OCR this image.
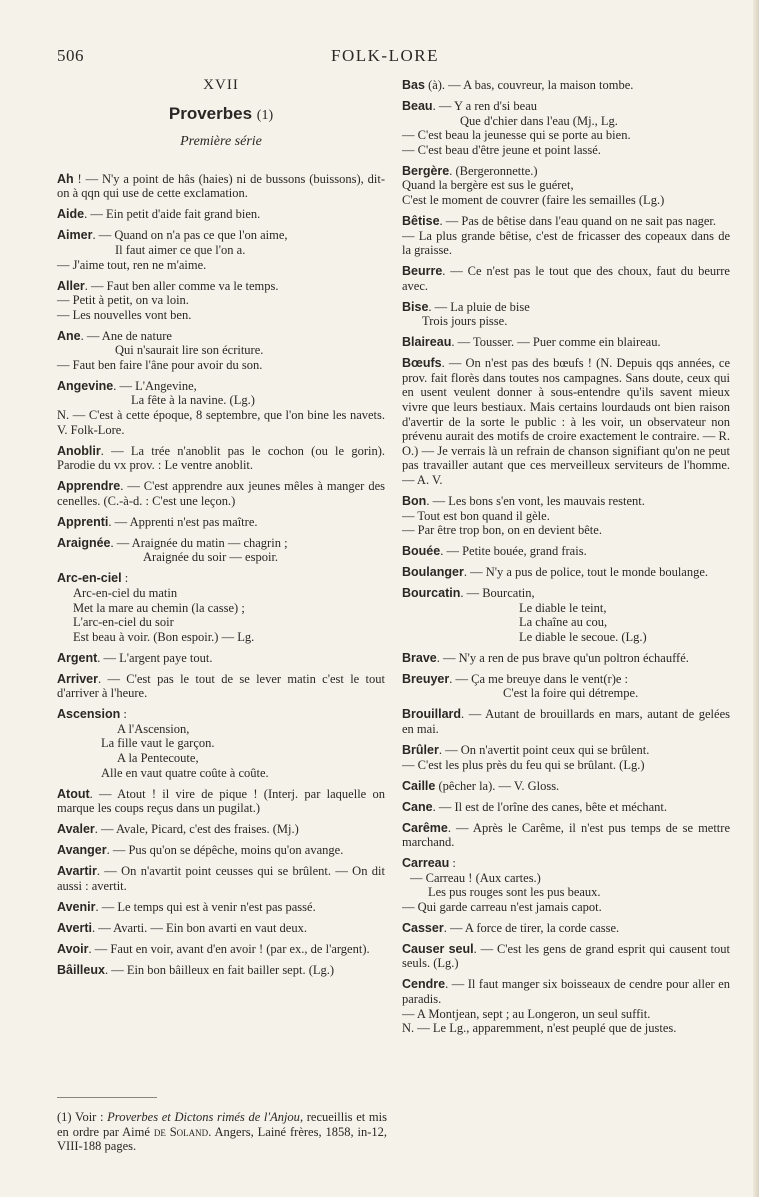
506	FOLK-LORE
XVII
Proverbes (1)
Première série

Ah ! — N'y a point de hâs (haies) ni de bussons (buissons), dit-on à qqn qui use de cette exclamation.

Aide. — Ein petit d'aide fait grand bien.

Aimer. — Quand on n'a pas ce que l'on aime,

Il faut aimer ce que l'on a.

— J'aime tout, ren ne m'aime.

Aller. — Faut ben aller comme va le temps.

— Petit à petit, on va loin.

— Les nouvelles vont ben.

Ane. — Ane de nature

Qui n'saurait lire son écriture.

— Faut ben faire l'âne pour avoir du son.

Angevine. — L'Angevine,

La fête à la navine. (Lg.)

N. — C'est à cette époque, 8 septembre, que l'on bine les navets. V. Folk-Lore.

Anoblir. — La trée n'anoblit pas le cochon (ou le gorin). Parodie du vx prov. : Le ventre anoblit.

Apprendre. — C'est apprendre aux jeunes mêles à manger des cenelles. (C.-à-d. : C'est une leçon.)

Apprenti. — Apprenti n'est pas maître.

Araignée. — Araignée du matin — chagrin ;

Araignée du soir — espoir.

Arc-en-ciel :

Arc-en-ciel du matin

Met la mare au chemin (la casse) ;

L'arc-en-ciel du soir

Est beau à voir. (Bon espoir.) — Lg.

Argent. — L'argent paye tout.

Arriver. — C'est pas le tout de se lever matin c'est le tout d'arriver à l'heure.

Ascension :

A l'Ascension,

La fille vaut le garçon.

A la Pentecoute,

Alle en vaut quatre coûte à coûte.

Atout. — Atout ! il vire de pique ! (Interj. par laquelle on marque les coups reçus dans un pugilat.)

Avaler. — Avale, Picard, c'est des fraises. (Mj.)

Avanger. — Pus qu'on se dépêche, moins qu'on avange.

Avartir. — On n'avartit point ceusses qui se brûlent. — On dit aussi : avertit.

Avenir. — Le temps qui est à venir n'est pas passé.

Averti. — Avarti. — Ein bon avarti en vaut deux.

Avoir. — Faut en voir, avant d'en avoir ! (par ex., de l'argent).

Bâilleux. — Ein bon bâilleux en fait bailler sept. (Lg.)

(1) Voir : Proverbes et Dictons rimés de l'Anjou, recueillis et mis en ordre par Aimé de Soland. Angers, Lainé frères, 1858, in-12, VIII-188 pages.

Bas (à). — A bas, couvreur, la maison tombe.

Beau. — Y a ren d'si beau

Que d'chier dans l'eau (Mj., Lg.

— C'est beau la jeunesse qui se porte au bien.

— C'est beau d'être jeune et point lassé.

Bergère. (Bergeronnette.)

Quand la bergère est sus le guéret,

C'est le moment de couvrer (faire les semailles (Lg.)

Bêtise. — Pas de bêtise dans l'eau quand on ne sait pas nager.

— La plus grande bêtise, c'est de fricasser des copeaux dans de la graisse.

Beurre. — Ce n'est pas le tout que des choux, faut du beurre avec.

Bise. — La pluie de bise

Trois jours pisse.

Blaireau. — Tousser. — Puer comme ein blaireau.

Bœufs. — On n'est pas des bœufs ! (N. Depuis qqs années, ce prov. fait florès dans toutes nos campagnes. Sans doute, ceux qui en usent veulent donner à sous-entendre qu'ils savent mieux vivre que leurs bestiaux. Mais certains lourdauds ont bien raison d'avertir de la sorte le public : à les voir, un observateur non prévenu aurait des motifs de croire exactement le contraire. — R. O.) — Je verrais là un refrain de chanson signifiant qu'on ne peut pas travailler autant que ces merveilleux serviteurs de l'homme. — A. V.

Bon. — Les bons s'en vont, les mauvais restent.

— Tout est bon quand il gèle.

— Par être trop bon, on en devient bête.

Bouée. — Petite bouée, grand frais.

Boulanger. — N'y a pus de police, tout le monde boulange.

Bourcatin. — Bourcatin,

Le diable le teint,

La chaîne au cou,

Le diable le secoue. (Lg.)

Brave. — N'y a ren de pus brave qu'un poltron échauffé.

Breuyer. — Ça me breuye dans le vent(r)e :

C'est la foire qui détrempe.

Brouillard. — Autant de brouillards en mars, autant de gelées en mai.

Brûler. — On n'avertit point ceux qui se brûlent.

— C'est les plus près du feu qui se brûlant. (Lg.)

Caille (pêcher la). — V. Gloss.

Cane. — Il est de l'orîne des canes, bête et méchant.

Carême. — Après le Carême, il n'est pus temps de se mettre marchand.

Carreau :

— Carreau ! (Aux cartes.)

Les pus rouges sont les pus beaux.

— Qui garde carreau n'est jamais capot.

Casser. — A force de tirer, la corde casse.

Causer seul. — C'est les gens de grand esprit qui causent tout seuls. (Lg.)

Cendre. — Il faut manger six boisseaux de cendre pour aller en paradis.

— A Montjean, sept ; au Longeron, un seul suffit.

N. — Le Lg., apparemment, n'est peuplé que de justes.
